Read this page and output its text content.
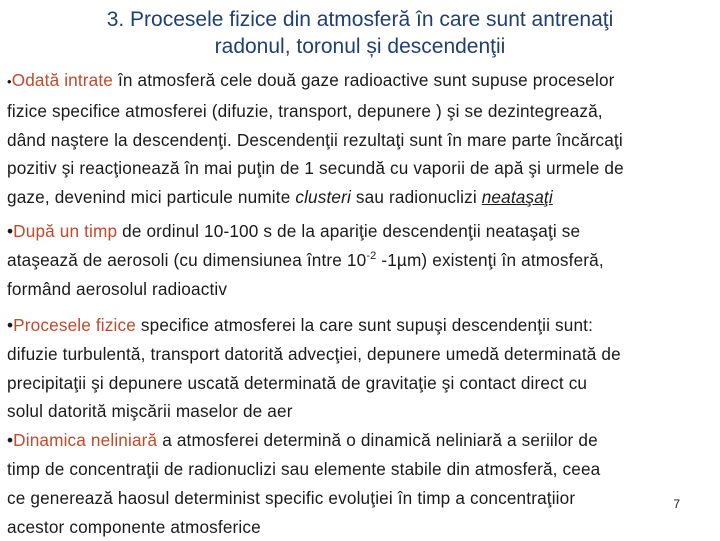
3. Procesele fizice din atmosferă în care sunt antrenaţi
radonul, toronul și descendenţii
•Odată intrate în atmosferă cele două gaze radioactive sunt supuse proceselor
fizice specifice atmosferei (difuzie, transport, depunere ) şi se dezintegrează,
dând naştere la descendenţi. Descendenţii rezultaţi sunt în mare parte încărcaţi
pozitiv şi reacţionează în mai puţin de 1 secundă cu vaporii de apă şi urmele de
gaze, devenind mici particule numite clusteri sau radionuclizi neataşaţi
•După un timp de ordinul 10-100 s de la apariţie descendenţii neataşaţi se
ataşează de aerosoli (cu dimensiunea între $10^{-2}$ -1µm) existenţi în atmosferă,
formând aerosolul radioactiv
•Procesele fizice specifice atmosferei la care sunt supuşi descendenţii sunt:
difuzie turbulentă, transport datorită advecţiei, depunere umedă determinată de
precipitaţii şi depunere uscată determinată de gravitaţie şi contact direct cu
solul datorită mişcării maselor de aer
•Dinamica neliniară a atmosferei determină o dinamică neliniară a seriilor de
timp de concentraţii de radionuclizi sau elemente stabile din atmosferă, ceea
ce generează haosul determinist specific evoluţiei în timp a concentraţiior
acestor componente atmosferice
7
